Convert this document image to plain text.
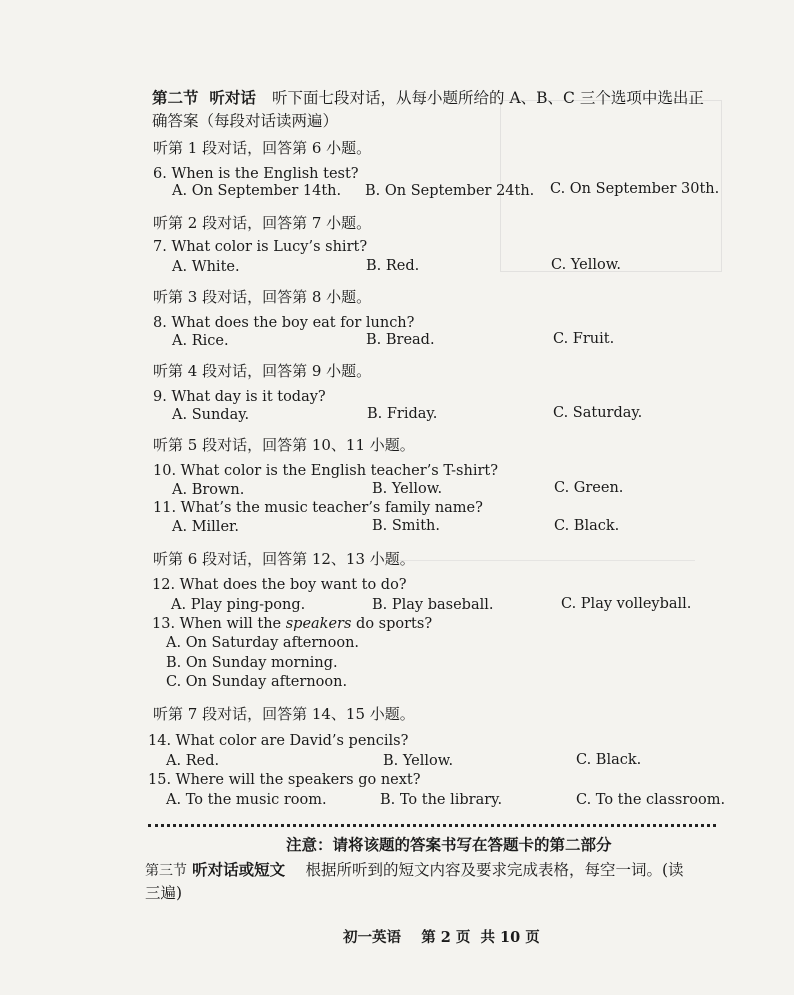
第二节 听对话 听下面七段对话，从每小题所给的 A、B、C 三个选项中选出正
确答案（每段对话读两遍）
听第 1 段对话，回答第 6 小题。
6. When is the English test?
A. On September 14th. B. On September 24th. C. On September 30th.
听第 2 段对话，回答第 7 小题。
7. What color is Lucy’s shirt?
A. White.	B. Red.	C. Yellow.
听第 3 段对话，回答第 8 小题。
8. What does the boy eat for lunch?
A. Rice.	B. Bread.	C. Fruit.
听第 4 段对话，回答第 9 小题。
9. What day is it today?
A. Sunday.	B. Friday.	C. Saturday.
听第 5 段对话，回答第 10、11 小题。
10. What color is the English teacher’s T-shirt?
A. Brown.	B. Yellow.	C. Green.
11. What’s the music teacher’s family name?
A. Miller.	B. Smith.	C. Black.
听第 6 段对话，回答第 12、13 小题。
12. What does the boy want to do?
A. Play ping-pong.	B. Play baseball.	C. Play volleyball.
13. When will the speakers do sports?
A. On Saturday afternoon.
B. On Sunday morning.
C. On Sunday afternoon.
听第 7 段对话，回答第 14、15 小题。
14. What color are David’s pencils?
A. Red.	B. Yellow.	C. Black.
15. Where will the speakers go next?
A. To the music room.	B. To the library.	C. To the classroom.
注意：请将该题的答案书写在答题卡的第二部分
第三节 听对话或短文 根据所听到的短文内容及要求完成表格，每空一词。(读
三遍)
初一英语 第 2 页 共 10 页
